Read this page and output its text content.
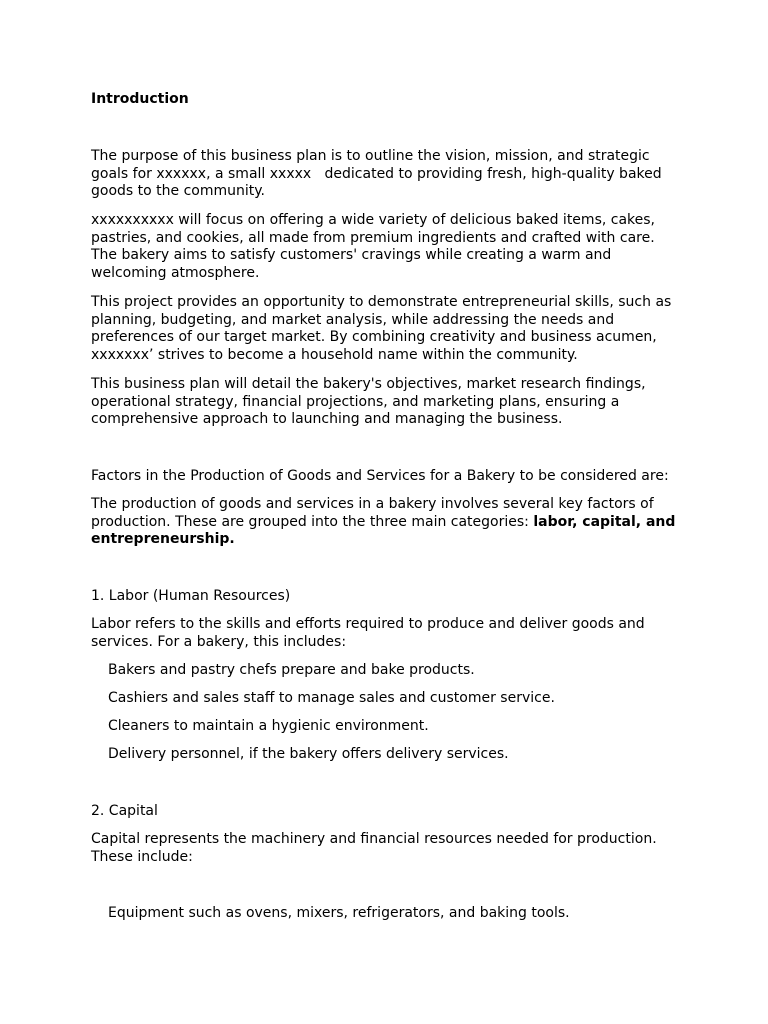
Introduction

The purpose of this business plan is to outline the vision, mission, and strategic
goals for xxxxxx, a small xxxxx   dedicated to providing fresh, high-quality baked
goods to the community.

xxxxxxxxxx will focus on offering a wide variety of delicious baked items, cakes,
pastries, and cookies, all made from premium ingredients and crafted with care.
The bakery aims to satisfy customers' cravings while creating a warm and
welcoming atmosphere.

This project provides an opportunity to demonstrate entrepreneurial skills, such as
planning, budgeting, and market analysis, while addressing the needs and
preferences of our target market. By combining creativity and business acumen,
xxxxxxx’ strives to become a household name within the community.

This business plan will detail the bakery's objectives, market research findings,
operational strategy, financial projections, and marketing plans, ensuring a
comprehensive approach to launching and managing the business.

Factors in the Production of Goods and Services for a Bakery to be considered are:

The production of goods and services in a bakery involves several key factors of
production. These are grouped into the three main categories: labor, capital, and
entrepreneurship.

1. Labor (Human Resources)

Labor refers to the skills and efforts required to produce and deliver goods and
services. For a bakery, this includes:

Bakers and pastry chefs prepare and bake products.

Cashiers and sales staff to manage sales and customer service.

Cleaners to maintain a hygienic environment.

Delivery personnel, if the bakery offers delivery services.

2. Capital

Capital represents the machinery and financial resources needed for production.
These include:

Equipment such as ovens, mixers, refrigerators, and baking tools.
